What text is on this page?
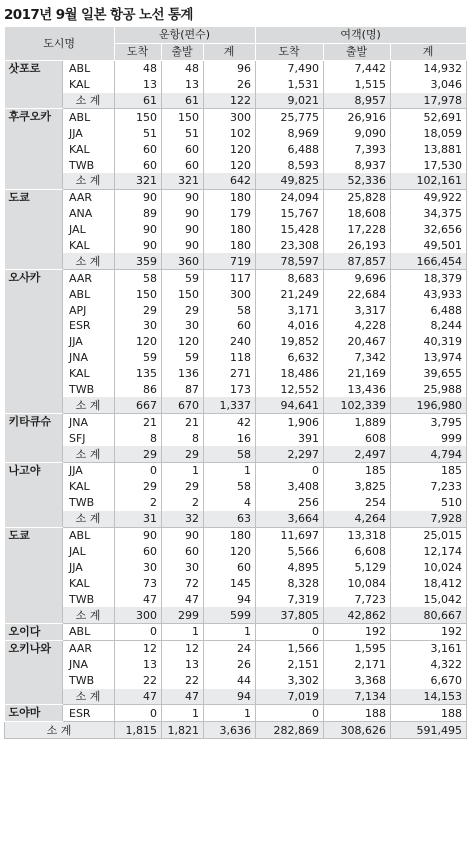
2017년 9월 일본 항공 노선 통계
도시명		운항(편수)			여객(명)		
		도착	출발	계	도착	출발	계
삿포로	ABL	48	48	96	7,490	7,442	14,932
	KAL	13	13	26	1,531	1,515	3,046
	소 계	61	61	122	9,021	8,957	17,978
후쿠오카	ABL	150	150	300	25,775	26,916	52,691
	JJA	51	51	102	8,969	9,090	18,059
	KAL	60	60	120	6,488	7,393	13,881
	TWB	60	60	120	8,593	8,937	17,530
	소 계	321	321	642	49,825	52,336	102,161
도쿄	AAR	90	90	180	24,094	25,828	49,922
	ANA	89	90	179	15,767	18,608	34,375
	JAL	90	90	180	15,428	17,228	32,656
	KAL	90	90	180	23,308	26,193	49,501
	소 계	359	360	719	78,597	87,857	166,454
오사카	AAR	58	59	117	8,683	9,696	18,379
	ABL	150	150	300	21,249	22,684	43,933
	APJ	29	29	58	3,171	3,317	6,488
	ESR	30	30	60	4,016	4,228	8,244
	JJA	120	120	240	19,852	20,467	40,319
	JNA	59	59	118	6,632	7,342	13,974
	KAL	135	136	271	18,486	21,169	39,655
	TWB	86	87	173	12,552	13,436	25,988
	소 계	667	670	1,337	94,641	102,339	196,980
키타큐슈	JNA	21	21	42	1,906	1,889	3,795
	SFJ	8	8	16	391	608	999
	소 계	29	29	58	2,297	2,497	4,794
나고야	JJA	0	1	1	0	185	185
	KAL	29	29	58	3,408	3,825	7,233
	TWB	2	2	4	256	254	510
	소 계	31	32	63	3,664	4,264	7,928
도쿄	ABL	90	90	180	11,697	13,318	25,015
	JAL	60	60	120	5,566	6,608	12,174
	JJA	30	30	60	4,895	5,129	10,024
	KAL	73	72	145	8,328	10,084	18,412
	TWB	47	47	94	7,319	7,723	15,042
	소 계	300	299	599	37,805	42,862	80,667
오이다	ABL	0	1	1	0	192	192
오키나와	AAR	12	12	24	1,566	1,595	3,161
	JNA	13	13	26	2,151	2,171	4,322
	TWB	22	22	44	3,302	3,368	6,670
	소 계	47	47	94	7,019	7,134	14,153
도야마	ESR	0	1	1	0	188	188
소 계		1,815	1,821	3,636	282,869	308,626	591,495
